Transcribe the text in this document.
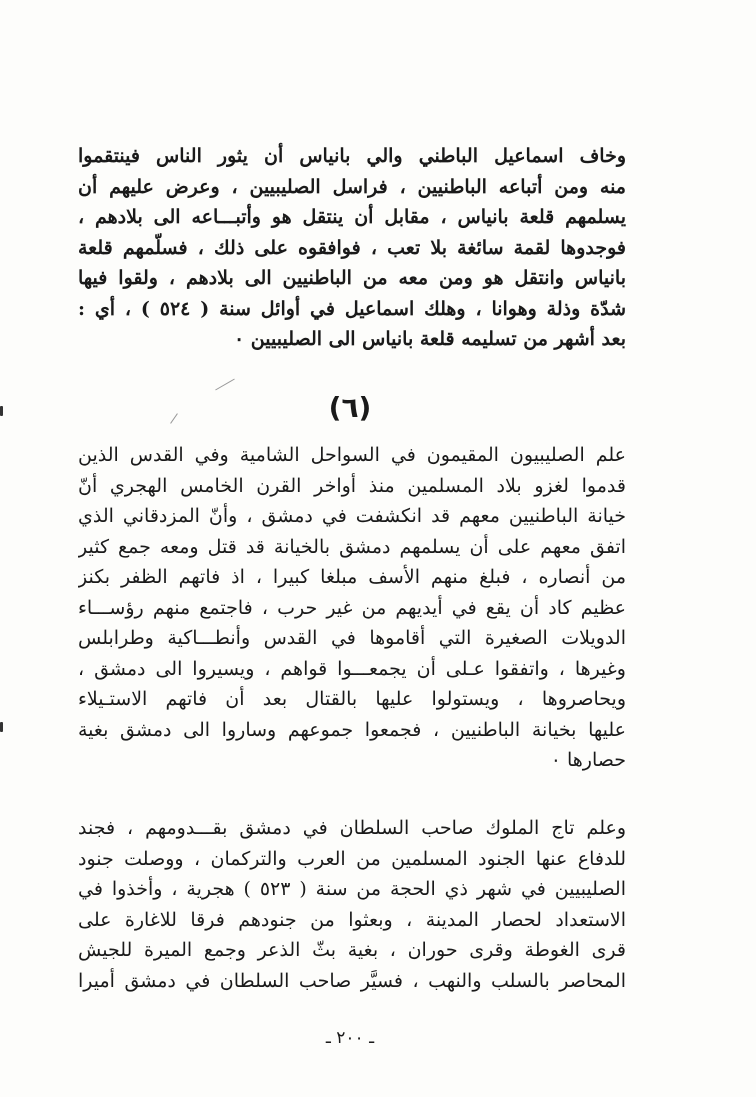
وخاف اسماعيل الباطني والي بانياس أن يثور الناس فينتقموا
منه ومن أتباعه الباطنيين ، فراسل الصليبيين ، وعرض عليهم أن
يسلمهم قلعة بانياس ، مقابل أن ينتقل هو وأتبـــاعه الى بلادهم ،
فوجدوها لقمة سائغة بلا تعب ، فوافقوه على ذلك ، فسلّمهم قلعة
بانياس وانتقل هو ومن معه من الباطنيين الى بلادهم ، ولقوا فيها
شدّة وذلة وهوانا ، وهلك اسماعيل في أوائل سنة ( ٥٢٤ ) ، أي :
بعد أشهر من تسليمه قلعة بانياس الى الصليبيين ٠
(٦)
علم الصليبيون المقيمون في السواحل الشامية وفي القدس الذين
قدموا لغزو بلاد المسلمين منذ أواخر القرن الخامس الهجري أنّ
خيانة الباطنيين معهم قد انكشفت في دمشق ، وأنّ المزدقاني الذي
اتفق معهم على أن يسلمهم دمشق بالخيانة قد قتل ومعه جمع كثير
من أنصاره ، فبلغ منهم الأسف مبلغا كبيرا ، اذ فاتهم الظفر بكنز
عظيم كاد أن يقع في أيديهم من غير حرب ، فاجتمع منهم رؤســـاء
الدويلات الصغيرة التي أقاموها في القدس وأنطـــاكية وطرابلس
وغيرها ، واتفقوا عـلى أن يجمعـــوا قواهم ، ويسيروا الى دمشق ،
ويحاصروها ، ويستولوا عليها بالقتال بعد أن فاتهم الاستـيلاء
عليها بخيانة الباطنيين ، فجمعوا جموعهم وساروا الى دمشق بغية
حصارها ٠
وعلم تاج الملوك صاحب السلطان في دمشق بقـــدومهم ، فجند
للدفاع عنها الجنود المسلمين من العرب والتركمان ، ووصلت جنود
الصليبيين في شهر ذي الحجة من سنة ( ٥٢٣ ) هجرية ، وأخذوا في
الاستعداد لحصار المدينة ، وبعثوا من جنودهم فرقا للاغارة على
قرى الغوطة وقرى حوران ، بغية بثّ الذعر وجمع الميرة للجيش
المحاصر بالسلب والنهب ، فسيَّر صاحب السلطان في دمشق أميرا
ـ ٢٠٠ ـ
